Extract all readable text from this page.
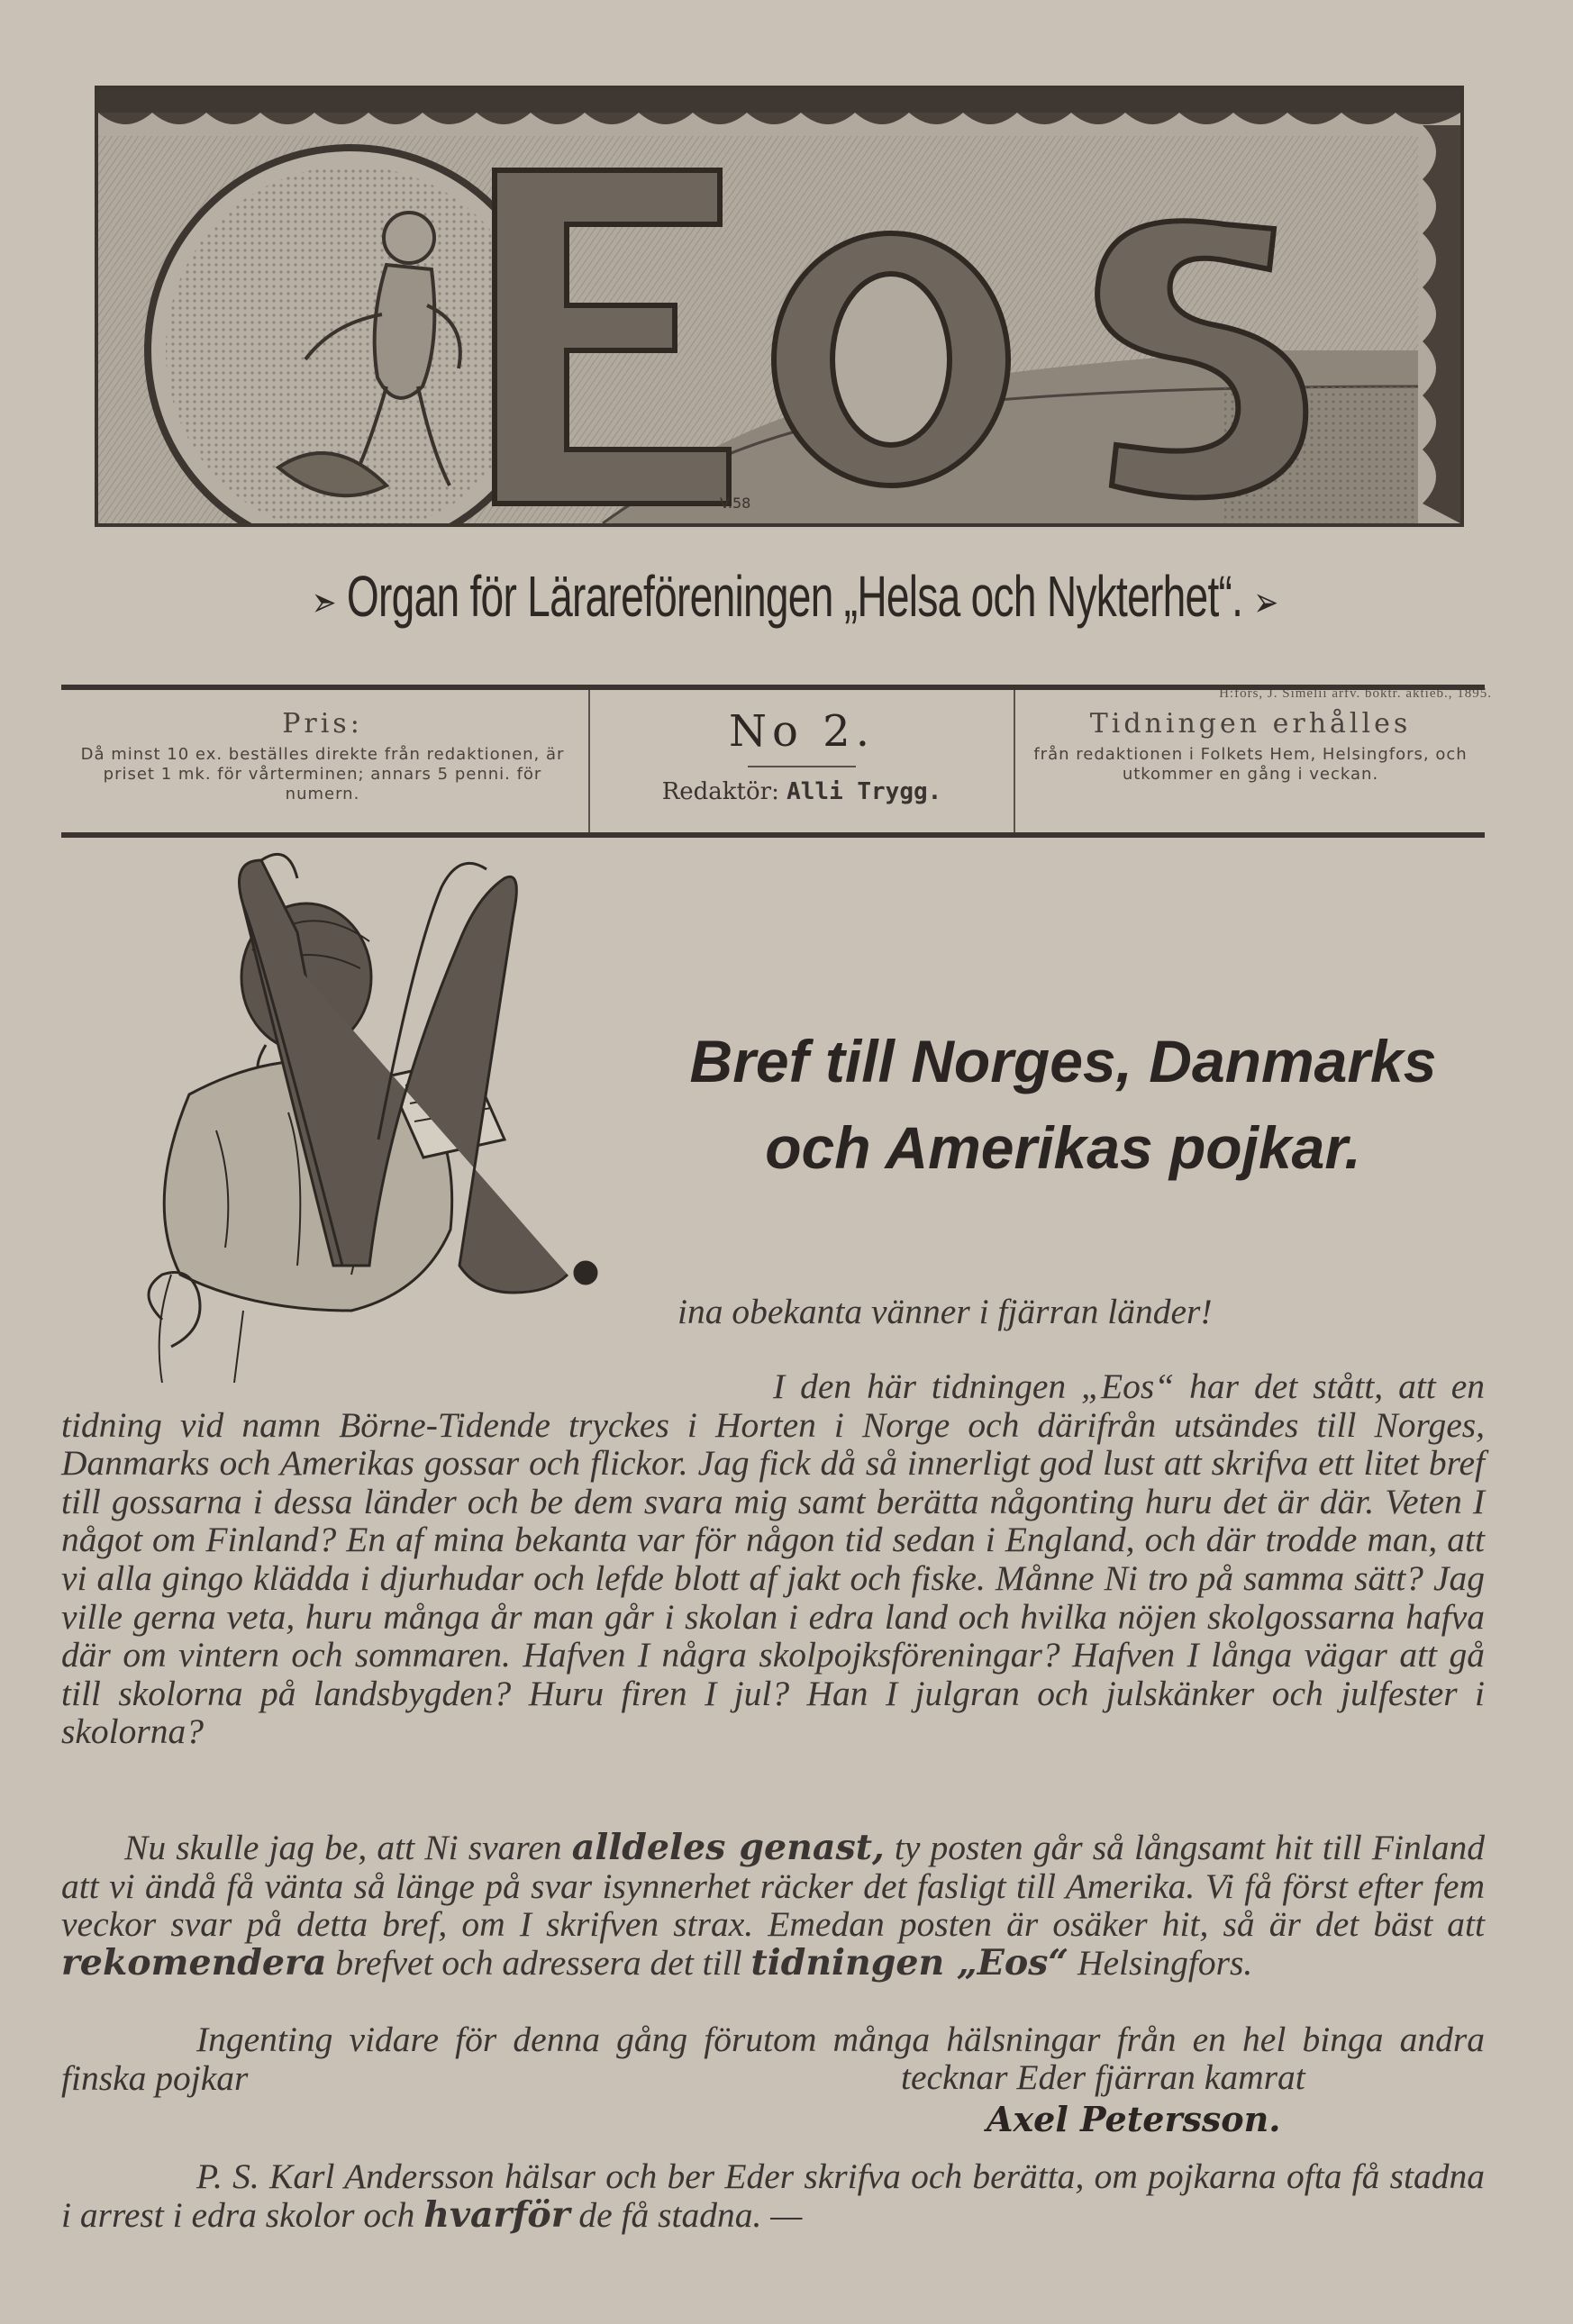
V.58
➣ Organ för Lärareföreningen „Helsa och Nykterhet“. ➢
H:fors, J. Simelii arfv. boktr. aktieb., 1895.
Pris:
Då minst 10 ex. beställes direkte från redaktionen, är priset 1 mk. för vårterminen; annars 5 penni. för numern.
No 2.
Redaktör: Alli Trygg.
Tidningen erhålles
från redaktionen i Folkets Hem, Helsingfors, och utkommer en gång i veckan.
M
Bref till Norges, Danmarks
och Amerikas pojkar.
ina obekanta vänner i fjärran länder!
I den här tidningen „Eos“ har det stått, att en tidning vid namn Börne-Tidende tryckes i Horten i Norge och därifrån utsändes till Norges, Danmarks och Amerikas gossar och flickor. Jag fick då så innerligt god lust att skrifva ett litet bref till gossarna i dessa länder och be dem svara mig samt berätta någonting huru det är där. Veten I något om Finland? En af mina bekanta var för någon tid sedan i England, och där trodde man, att vi alla gingo klädda i djurhudar och lefde blott af jakt och fiske. Månne Ni tro på samma sätt? Jag ville gerna veta, huru många år man går i skolan i edra land och hvilka nöjen skolgossarna hafva där om vintern och sommaren. Hafven I några skolpojksföreningar? Hafven I långa vägar att gå till skolorna på landsbygden? Huru firen I jul? Han I julgran och julskänker och julfester i skolorna?
Nu skulle jag be, att Ni svaren alldeles genast, ty posten går så långsamt hit till Finland att vi ändå få vänta så länge på svar isynnerhet räcker det fasligt till Amerika. Vi få först efter fem veckor svar på detta bref, om I skrifven strax. Emedan posten är osäker hit, så är det bäst att rekomendera brefvet och adressera det till tidningen „Eos“ Helsingfors.
Ingenting vidare för denna gång förutom många hälsningar från en hel binga andra finska pojkar	tecknar Eder fjärran kamrat
Axel Petersson.
P. S. Karl Andersson hälsar och ber Eder skrifva och berätta, om pojkarna ofta få stadna i arrest i edra skolor och hvarför de få stadna. —
